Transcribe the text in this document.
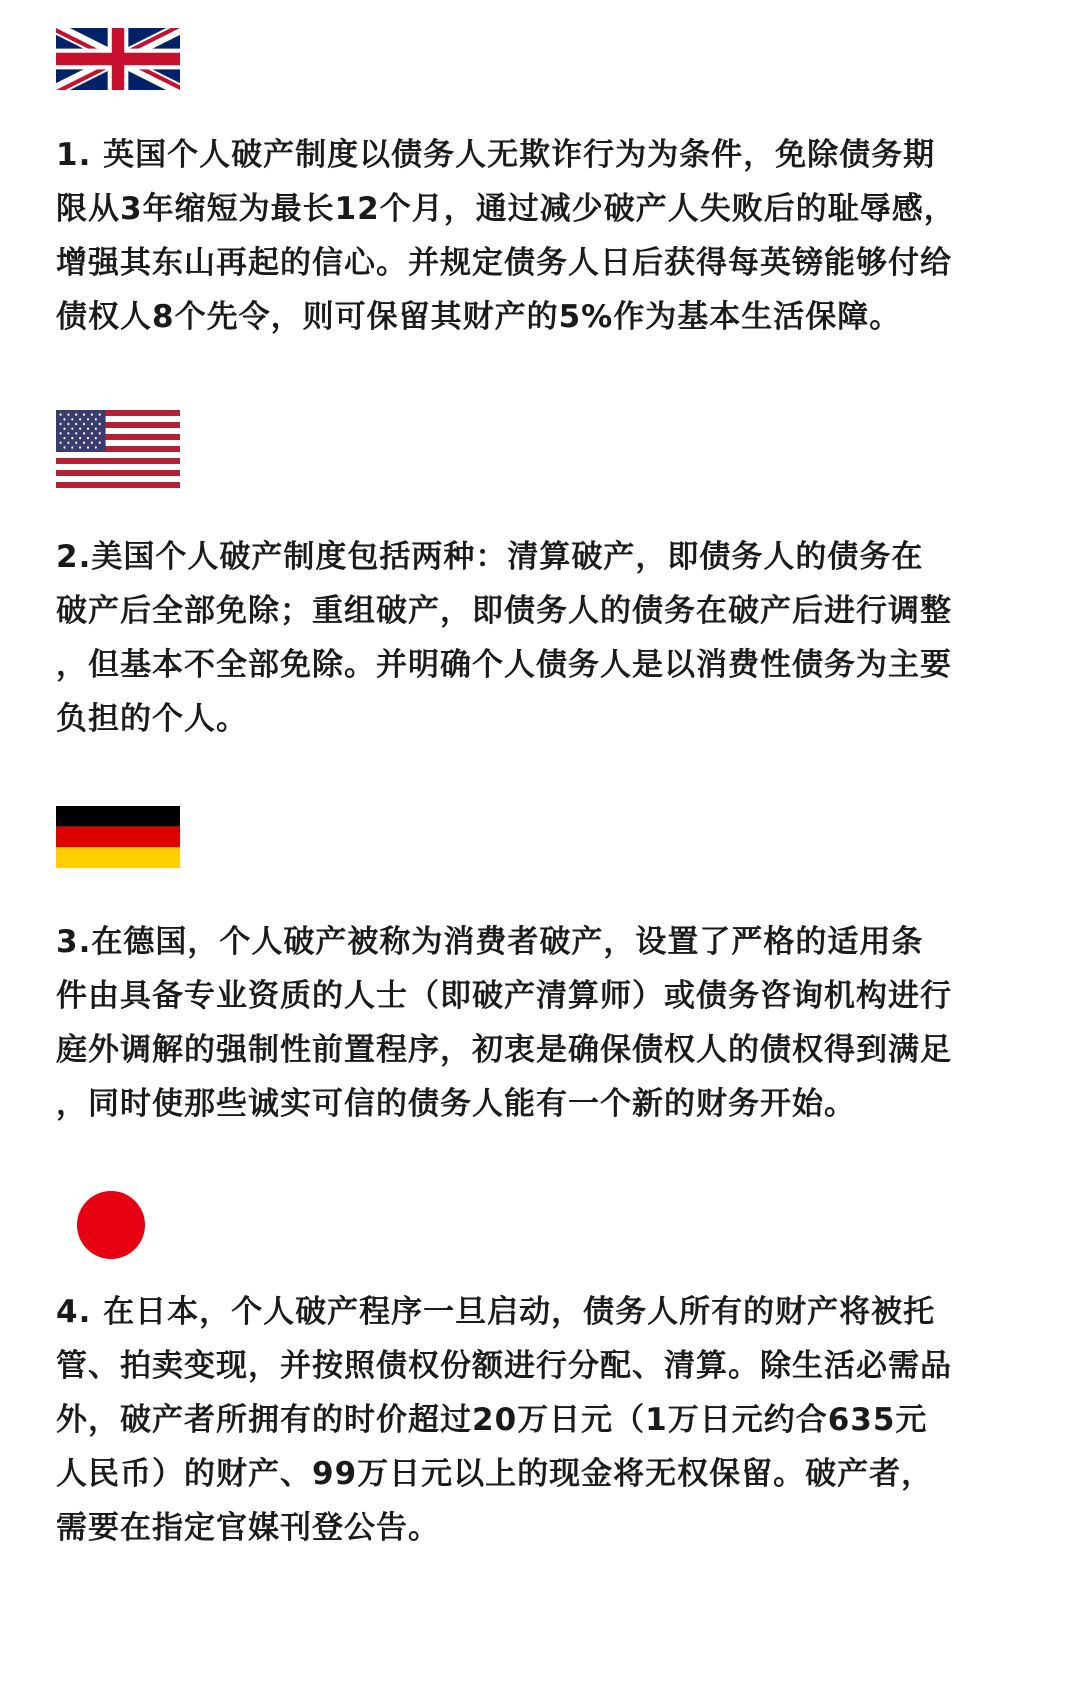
1. 英国个人破产制度以债务人无欺诈行为为条件，免除债务期
限从3年缩短为最长12个月，通过减少破产人失败后的耻辱感，
增强其东山再起的信心。并规定债务人日后获得每英镑能够付给
债权人8个先令，则可保留其财产的5%作为基本生活保障。
2.美国个人破产制度包括两种：清算破产，即债务人的债务在
破产后全部免除；重组破产，即债务人的债务在破产后进行调整
，但基本不全部免除。并明确个人债务人是以消费性债务为主要
负担的个人。
3.在德国，个人破产被称为消费者破产，设置了严格的适用条
件由具备专业资质的人士（即破产清算师）或债务咨询机构进行
庭外调解的强制性前置程序，初衷是确保债权人的债权得到满足
，同时使那些诚实可信的债务人能有一个新的财务开始。
4. 在日本，个人破产程序一旦启动，债务人所有的财产将被托
管、拍卖变现，并按照债权份额进行分配、清算。除生活必需品
外，破产者所拥有的时价超过20万日元（1万日元约合635元
人民币）的财产、99万日元以上的现金将无权保留。破产者，
需要在指定官媒刊登公告。
